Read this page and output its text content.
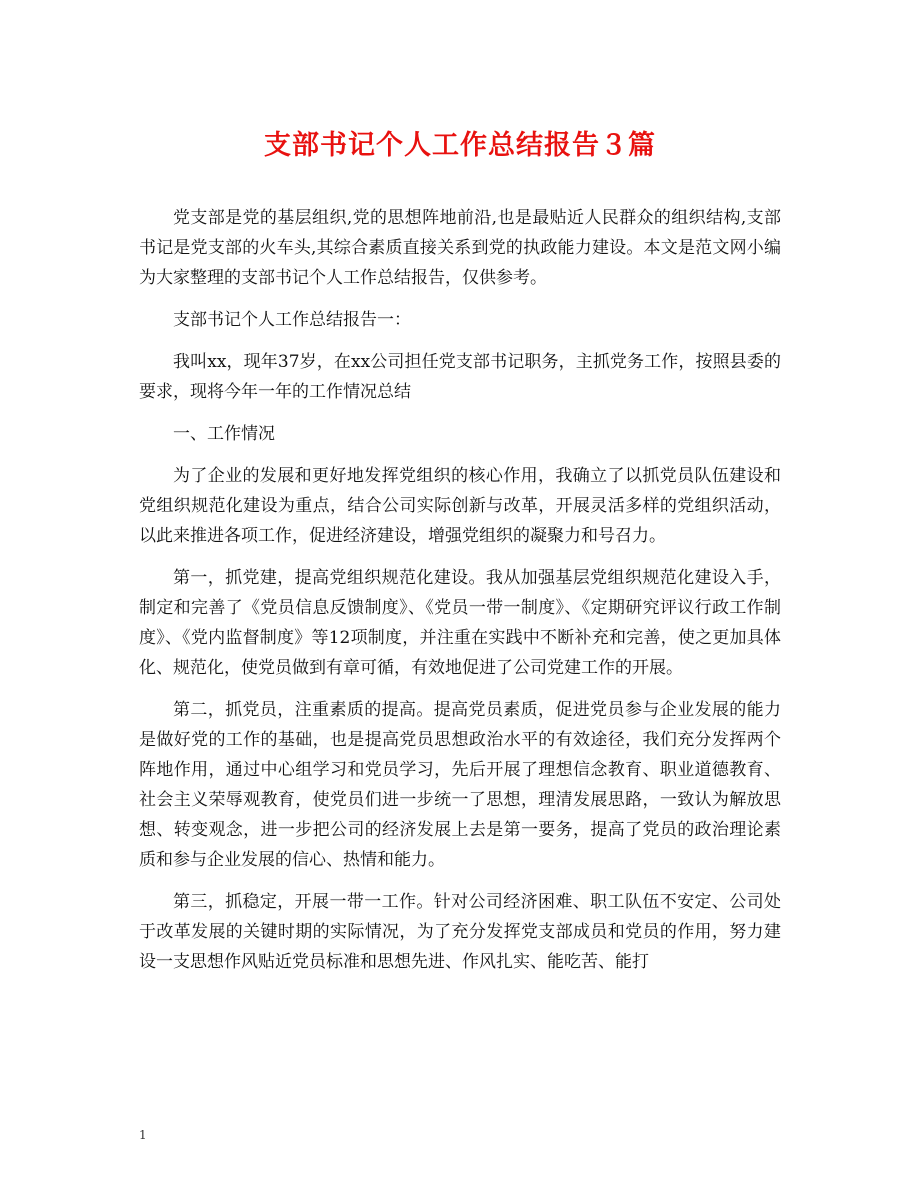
支部书记个人工作总结报告３篇

党支部是党的基层组织,党的思想阵地前沿,也是最贴近人民群众的组织结构,支部书记是党支部的火车头,其综合素质直接关系到党的执政能力建设。本文是范文网小编为大家整理的支部书记个人工作总结报告，仅供参考。

支部书记个人工作总结报告一：

我叫xx，现年37岁，在xx公司担任党支部书记职务，主抓党务工作，按照县委的要求，现将今年一年的工作情况总结

一、工作情况

为了企业的发展和更好地发挥党组织的核心作用，我确立了以抓党员队伍建设和党组织规范化建设为重点，结合公司实际创新与改革，开展灵活多样的党组织活动，以此来推进各项工作，促进经济建设，增强党组织的凝聚力和号召力。

第一，抓党建，提高党组织规范化建设。我从加强基层党组织规范化建设入手，制定和完善了《党员信息反馈制度》、《党员一带一制度》、《定期研究评议行政工作制度》、《党内监督制度》等12项制度，并注重在实践中不断补充和完善，使之更加具体化、规范化，使党员做到有章可循，有效地促进了公司党建工作的开展。

第二，抓党员，注重素质的提高。提高党员素质，促进党员参与企业发展的能力是做好党的工作的基础，也是提高党员思想政治水平的有效途径，我们充分发挥两个阵地作用，通过中心组学习和党员学习，先后开展了理想信念教育、职业道德教育、社会主义荣辱观教育，使党员们进一步统一了思想，理清发展思路，一致认为解放思想、转变观念，进一步把公司的经济发展上去是第一要务，提高了党员的政治理论素质和参与企业发展的信心、热情和能力。

第三，抓稳定，开展一带一工作。针对公司经济困难、职工队伍不安定、公司处于改革发展的关键时期的实际情况，为了充分发挥党支部成员和党员的作用，努力建设一支思想作风贴近党员标准和思想先进、作风扎实、能吃苦、能打

1
